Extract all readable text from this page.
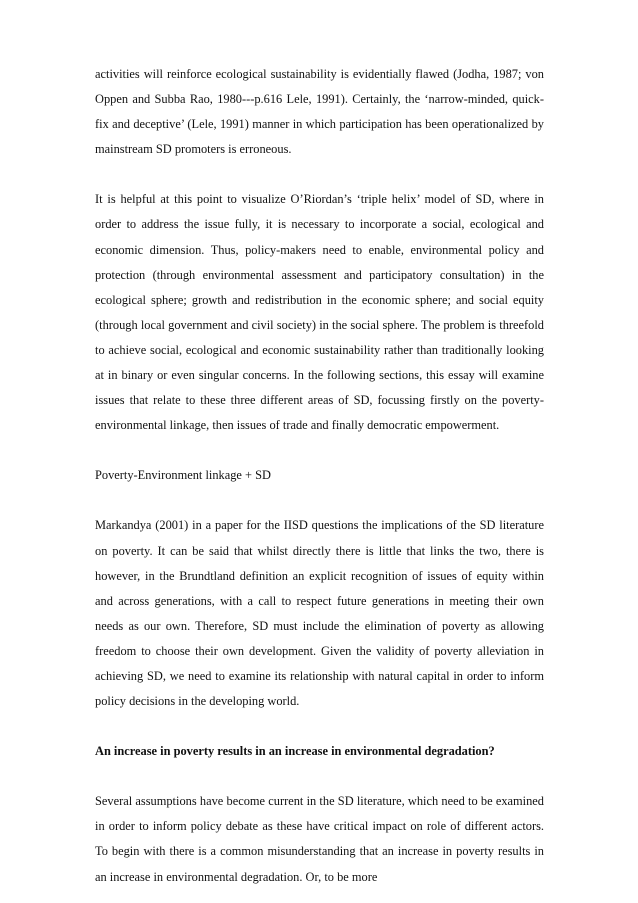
activities will reinforce ecological sustainability is evidentially flawed (Jodha, 1987; von Oppen and Subba Rao, 1980---p.616 Lele, 1991). Certainly, the ‘narrow-minded, quick-fix and deceptive’ (Lele, 1991) manner in which participation has been operationalized by mainstream SD promoters is erroneous.

It is helpful at this point to visualize O’Riordan’s ‘triple helix’ model of SD, where in order to address the issue fully, it is necessary to incorporate a social, ecological and economic dimension. Thus, policy-makers need to enable, environmental policy and protection (through environmental assessment and participatory consultation) in the ecological sphere; growth and redistribution in the economic sphere; and social equity (through local government and civil society) in the social sphere. The problem is threefold to achieve social, ecological and economic sustainability rather than traditionally looking at in binary or even singular concerns. In the following sections, this essay will examine issues that relate to these three different areas of SD, focussing firstly on the poverty-environmental linkage, then issues of trade and finally democratic empowerment.

Poverty-Environment linkage + SD

Markandya (2001) in a paper for the IISD questions the implications of the SD literature on poverty. It can be said that whilst directly there is little that links the two, there is however, in the Brundtland definition an explicit recognition of issues of equity within and across generations, with a call to respect future generations in meeting their own needs as our own. Therefore, SD must include the elimination of poverty as allowing freedom to choose their own development. Given the validity of poverty alleviation in achieving SD, we need to examine its relationship with natural capital in order to inform policy decisions in the developing world.

An increase in poverty results in an increase in environmental degradation?

Several assumptions have become current in the SD literature, which need to be examined in order to inform policy debate as these have critical impact on role of different actors. To begin with there is a common misunderstanding that an increase in poverty results in an increase in environmental degradation. Or, to be more
